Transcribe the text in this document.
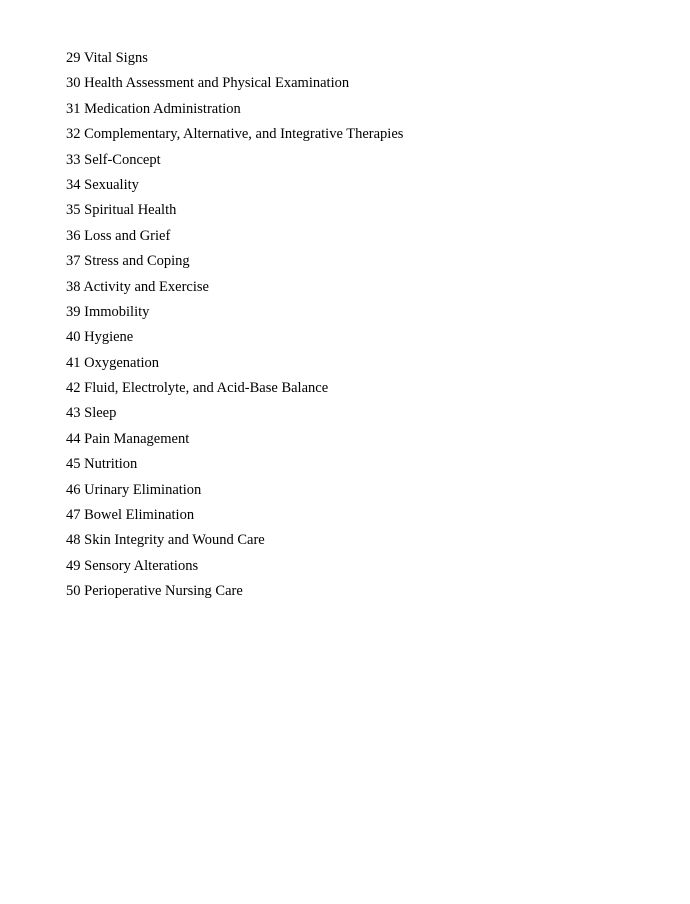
29 Vital Signs
30 Health Assessment and Physical Examination
31 Medication Administration
32 Complementary, Alternative, and Integrative Therapies
33 Self-Concept
34 Sexuality
35 Spiritual Health
36 Loss and Grief
37 Stress and Coping
38 Activity and Exercise
39 Immobility
40 Hygiene
41 Oxygenation
42 Fluid, Electrolyte, and Acid-Base Balance
43 Sleep
44 Pain Management
45 Nutrition
46 Urinary Elimination
47 Bowel Elimination
48 Skin Integrity and Wound Care
49 Sensory Alterations
50 Perioperative Nursing Care
